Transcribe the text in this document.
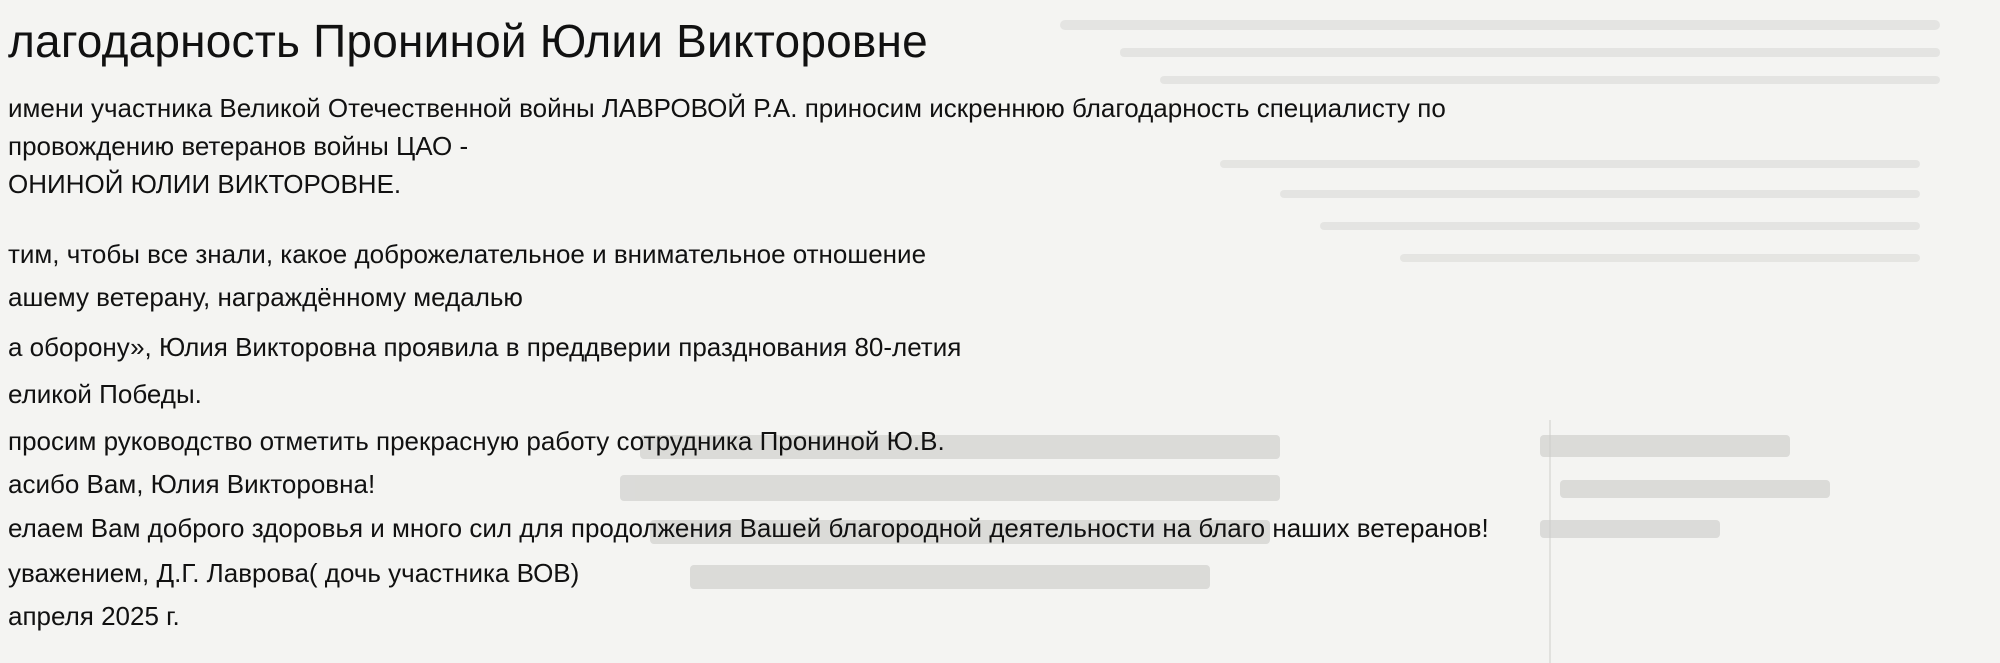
лагодарность Прониной Юлии Викторовне
имени участника Великой Отечественной войны ЛАВРОВОЙ Р.А. приносим искреннюю благодарность специалисту по
провождению ветеранов войны ЦАО -
ОНИНОЙ ЮЛИИ ВИКТОРОВНЕ.
тим, чтобы все знали, какое доброжелательное и внимательное отношение
ашему ветерану, награждённому медалью
а оборону», Юлия Викторовна проявила в преддверии празднования 80-летия
еликой Победы.
просим руководство отметить прекрасную работу сотрудника Прониной Ю.В.
асибо Вам, Юлия Викторовна!
елаем Вам доброго здоровья и много сил для продолжения Вашей благородной деятельности на благо наших ветеранов!
уважением, Д.Г. Лаврова( дочь участника ВОВ)
апреля 2025 г.
